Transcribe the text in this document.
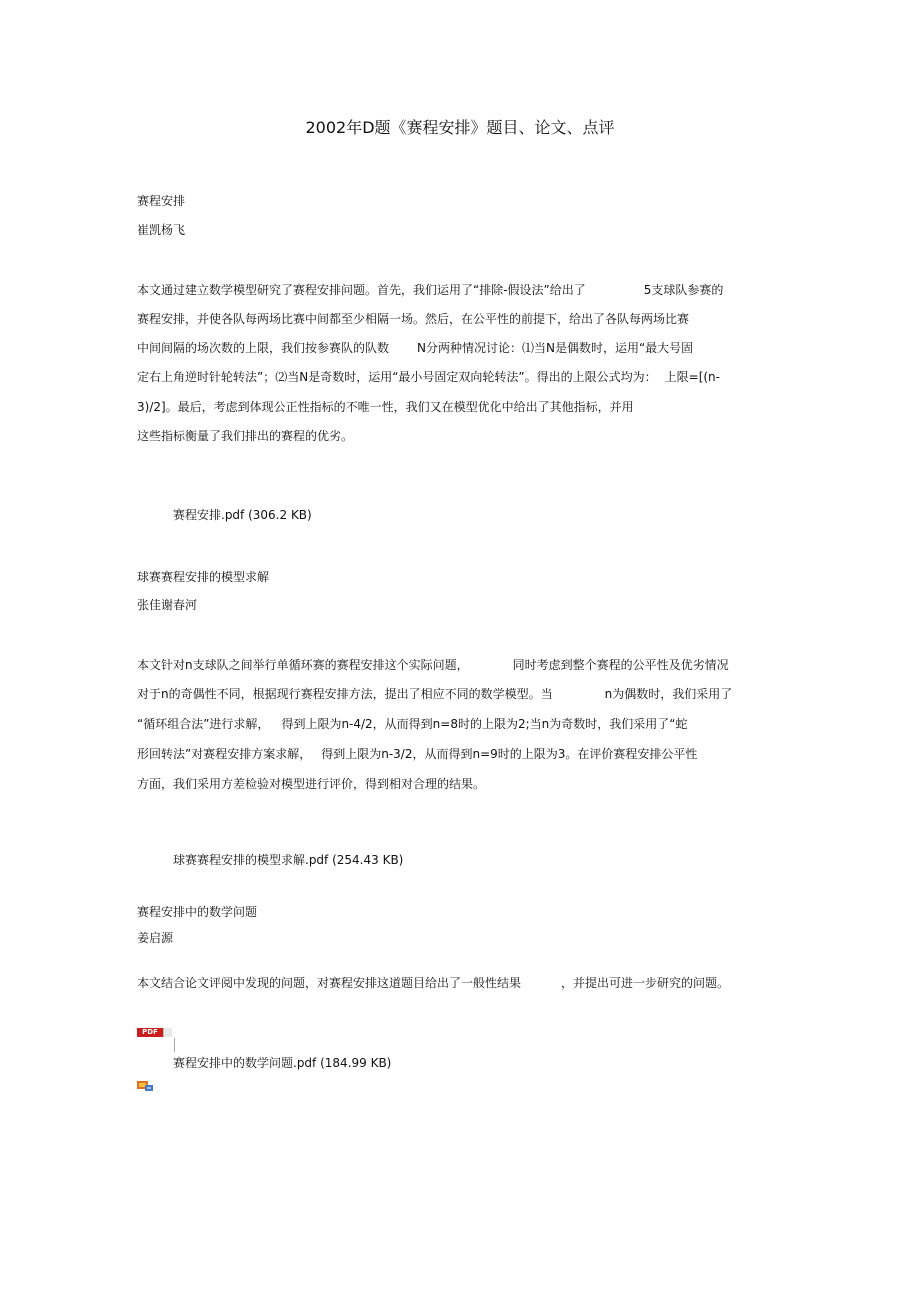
2002年D题《赛程安排》题目、论文、点评
赛程安排
崔凯杨飞
本文通过建立数学模型研究了赛程安排问题。首先，我们运用了“排除-假设法”给出了	5支球队参赛的
赛程安排，并使各队每两场比赛中间都至少相隔一场。然后，在公平性的前提下，给出了各队每两场比赛
中间间隔的场次数的上限，我们按参赛队的队数 N分两种情况讨论：⑴当N是偶数时，运用“最大号固
定右上角逆时针轮转法”；⑵当N是奇数时，运用“最小号固定双向轮转法”。得出的上限公式均为： 上限=[(n-
3)/2]。最后，考虑到体现公正性指标的不唯一性，我们又在模型优化中给出了其他指标，并用
这些指标衡量了我们排出的赛程的优劣。
赛程安排.pdf (306.2 KB)
球赛赛程安排的模型求解
张佳谢春河
本文针对n支球队之间举行单循环赛的赛程安排这个实际问题，	同时考虑到整个赛程的公平性及优劣情况
对于n的奇偶性不同，根据现行赛程安排方法，提出了相应不同的数学模型。当	n为偶数时，我们采用了
“循环组合法”进行求解， 得到上限为n-4/2，从而得到n=8时的上限为2;当n为奇数时，我们采用了“蛇
形回转法”对赛程安排方案求解， 得到上限为n-3/2，从而得到n=9时的上限为3。在评价赛程安排公平性
方面，我们采用方差检验对模型进行评价，得到相对合理的结果。
球赛赛程安排的模型求解.pdf (254.43 KB)
赛程安排中的数学问题
姜启源
本文结合论文评阅中发现的问题，对赛程安排这道题目给出了一般性结果	，并提出可进一步研究的问题。
PDF
赛程安排中的数学问题.pdf (184.99 KB)
